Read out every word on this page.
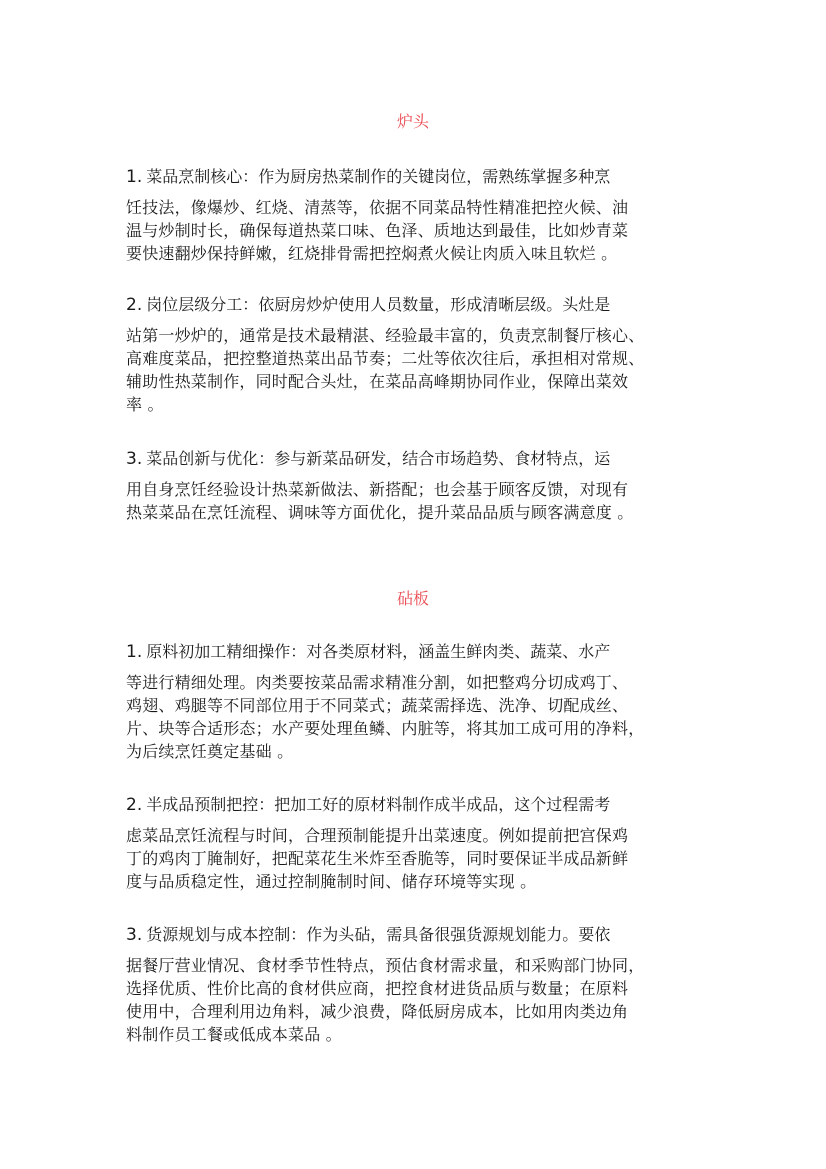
炉头
1. 菜品烹制核心：作为厨房热菜制作的关键岗位，需熟练掌握多种烹
饪技法，像爆炒、红烧、清蒸等，依据不同菜品特性精准把控火候、油
温与炒制时长，确保每道热菜口味、色泽、质地达到最佳，比如炒青菜
要快速翻炒保持鲜嫩，红烧排骨需把控焖煮火候让肉质入味且软烂 。
2. 岗位层级分工：依厨房炒炉使用人员数量，形成清晰层级。头灶是
站第一炒炉的，通常是技术最精湛、经验最丰富的，负责烹制餐厅核心、
高难度菜品，把控整道热菜出品节奏；二灶等依次往后，承担相对常规、
辅助性热菜制作，同时配合头灶，在菜品高峰期协同作业，保障出菜效
率 。
3. 菜品创新与优化：参与新菜品研发，结合市场趋势、食材特点，运
用自身烹饪经验设计热菜新做法、新搭配；也会基于顾客反馈，对现有
热菜菜品在烹饪流程、调味等方面优化，提升菜品品质与顾客满意度 。
砧板
1. 原料初加工精细操作：对各类原材料，涵盖生鲜肉类、蔬菜、水产
等进行精细处理。肉类要按菜品需求精准分割，如把整鸡分切成鸡丁、
鸡翅、鸡腿等不同部位用于不同菜式；蔬菜需择选、洗净、切配成丝、
片、块等合适形态；水产要处理鱼鳞、内脏等，将其加工成可用的净料，
为后续烹饪奠定基础 。
2. 半成品预制把控：把加工好的原材料制作成半成品，这个过程需考
虑菜品烹饪流程与时间，合理预制能提升出菜速度。例如提前把宫保鸡
丁的鸡肉丁腌制好，把配菜花生米炸至香脆等，同时要保证半成品新鲜
度与品质稳定性，通过控制腌制时间、储存环境等实现 。
3. 货源规划与成本控制：作为头砧，需具备很强货源规划能力。要依
据餐厅营业情况、食材季节性特点，预估食材需求量，和采购部门协同，
选择优质、性价比高的食材供应商，把控食材进货品质与数量；在原料
使用中，合理利用边角料，减少浪费，降低厨房成本，比如用肉类边角
料制作员工餐或低成本菜品 。
